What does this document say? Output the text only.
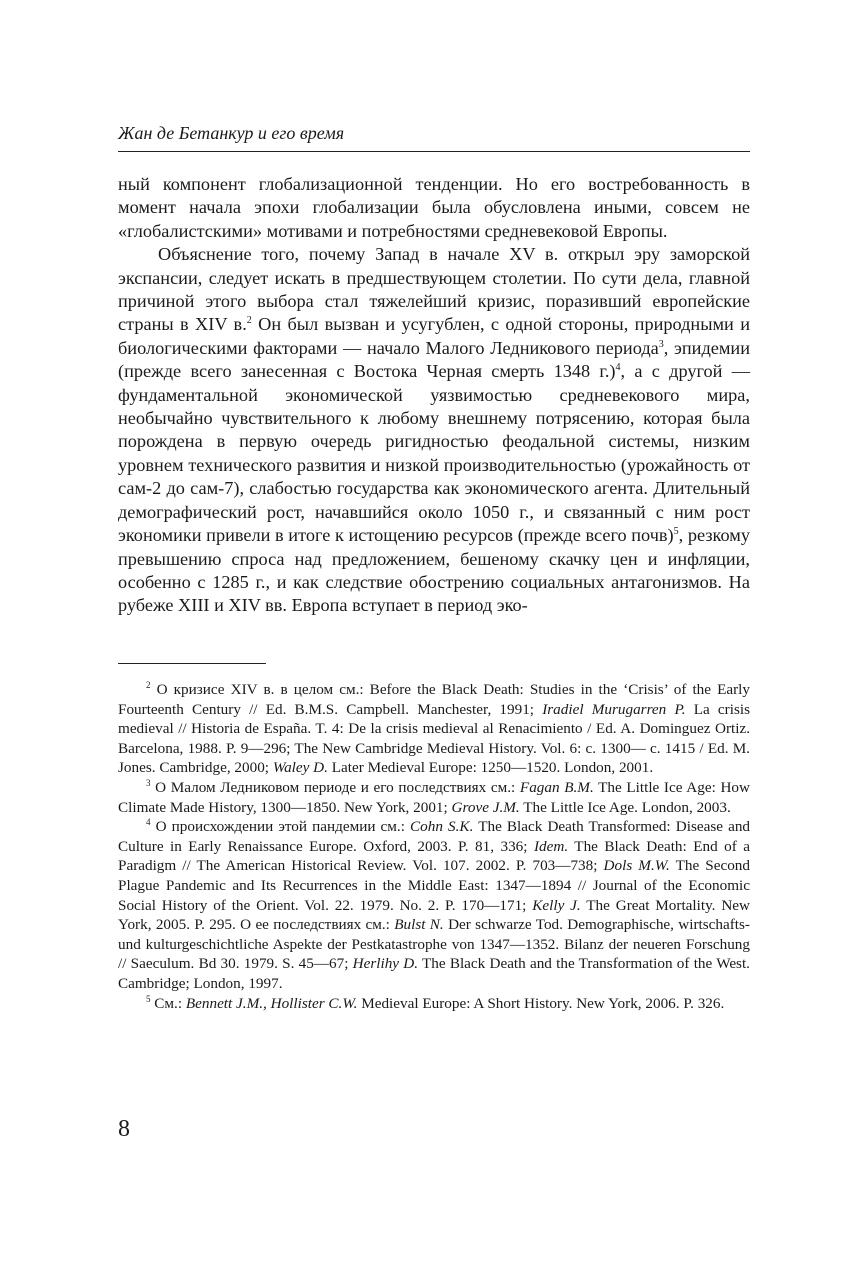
Жан де Бетанкур и его время

ный компонент глобализационной тенденции. Но его востребованность в момент начала эпохи глобализации была обусловлена иными, совсем не «глобалистскими» мотивами и потребностями средневековой Европы.

Объяснение того, почему Запад в начале XV в. открыл эру заморской экспансии, следует искать в предшествующем столетии. По сути дела, главной причиной этого выбора стал тяжелейший кризис, поразивший европейские страны в XIV в.$^2$ Он был вызван и усугублен, с одной стороны, природными и биологическими факторами — начало Малого Ледникового периода$^3$, эпидемии (прежде всего занесенная с Востока Черная смерть 1348 г.)$^4$, а с другой — фундаментальной экономической уязвимостью средневекового мира, необычайно чувствительного к любому внешнему потрясению, которая была порождена в первую очередь ригидностью феодальной системы, низким уровнем технического развития и низкой производительностью (урожайность от сам-2 до сам-7), слабостью государства как экономического агента. Длительный демографический рост, начавшийся около 1050 г., и связанный с ним рост экономики привели в итоге к истощению ресурсов (прежде всего почв)$^5$, резкому превышению спроса над предложением, бешеному скачку цен и инфляции, особенно с 1285 г., и как следствие обострению социальных антагонизмов. На рубеже XIII и XIV вв. Европа вступает в период эко-

$^2$ О кризисе XIV в. в целом см.: Before the Black Death: Studies in the ‘Crisis’ of the Early Fourteenth Century // Ed. B.M.S. Campbell. Manchester, 1991; Iradiel Murugarren P. La crisis medieval // Historia de España. T. 4: De la crisis medieval al Renacimiento / Ed. A. Dominguez Ortiz. Barcelona, 1988. P. 9—296; The New Cambridge Medieval History. Vol. 6: c. 1300— c. 1415 / Ed. M. Jones. Cambridge, 2000; Waley D. Later Medieval Europe: 1250—1520. London, 2001.

$^3$ О Малом Ледниковом периоде и его последствиях см.: Fagan B.M. The Little Ice Age: How Climate Made History, 1300—1850. New York, 2001; Grove J.M. The Little Ice Age. London, 2003.

$^4$ О происхождении этой пандемии см.: Cohn S.K. The Black Death Transformed: Disease and Culture in Early Renaissance Europe. Oxford, 2003. P. 81, 336; Idem. The Black Death: End of a Paradigm // The American Historical Review. Vol. 107. 2002. P. 703—738; Dols M.W. The Second Plague Pandemic and Its Recurrences in the Middle East: 1347—1894 // Journal of the Economic Social History of the Orient. Vol. 22. 1979. No. 2. P. 170—171; Kelly J. The Great Mortality. New York, 2005. P. 295. О ее последствиях см.: Bulst N. Der schwarze Tod. Demographische, wirtschafts- und kulturgeschichtliche Aspekte der Pestkatastrophe von 1347—1352. Bilanz der neueren Forschung // Saeculum. Bd 30. 1979. S. 45—67; Herlihy D. The Black Death and the Transformation of the West. Cambridge; London, 1997.

$^5$ См.: Bennett J.M., Hollister C.W. Medieval Europe: A Short History. New York, 2006. P. 326.

8
